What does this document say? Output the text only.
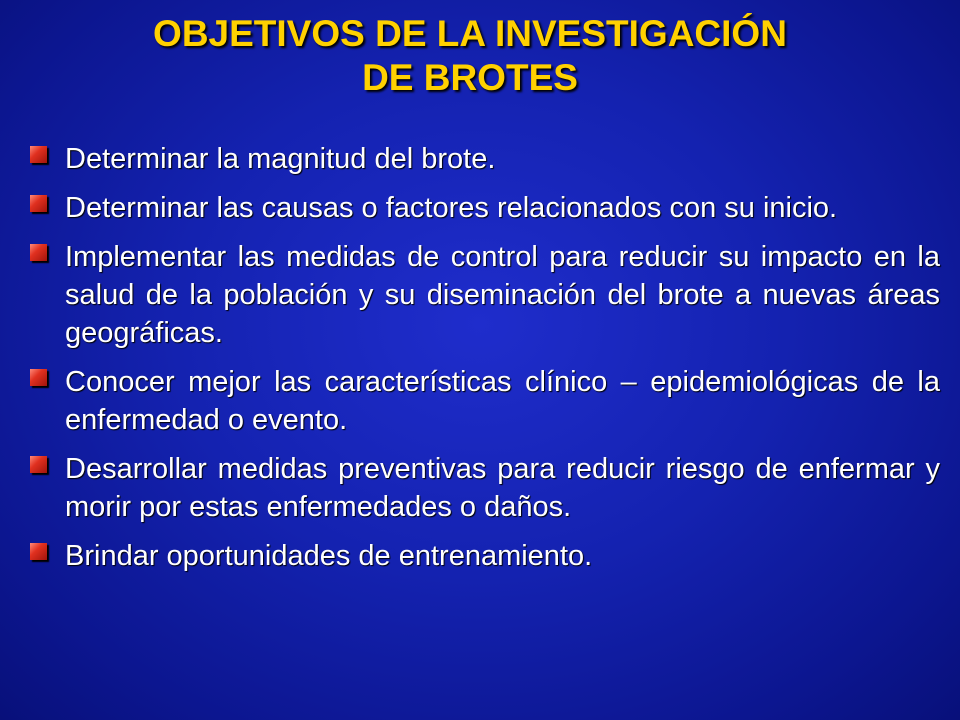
OBJETIVOS DE LA INVESTIGACIÓN
DE BROTES
Determinar la magnitud del brote.
Determinar las causas o factores relacionados con su inicio.
Implementar las medidas de control para reducir su impacto en la salud de la población y su diseminación del brote a nuevas áreas geográficas.
Conocer mejor las características clínico – epidemiológicas de la enfermedad o evento.
Desarrollar medidas preventivas para reducir riesgo de enfermar y morir por estas enfermedades o daños.
Brindar oportunidades de entrenamiento.
